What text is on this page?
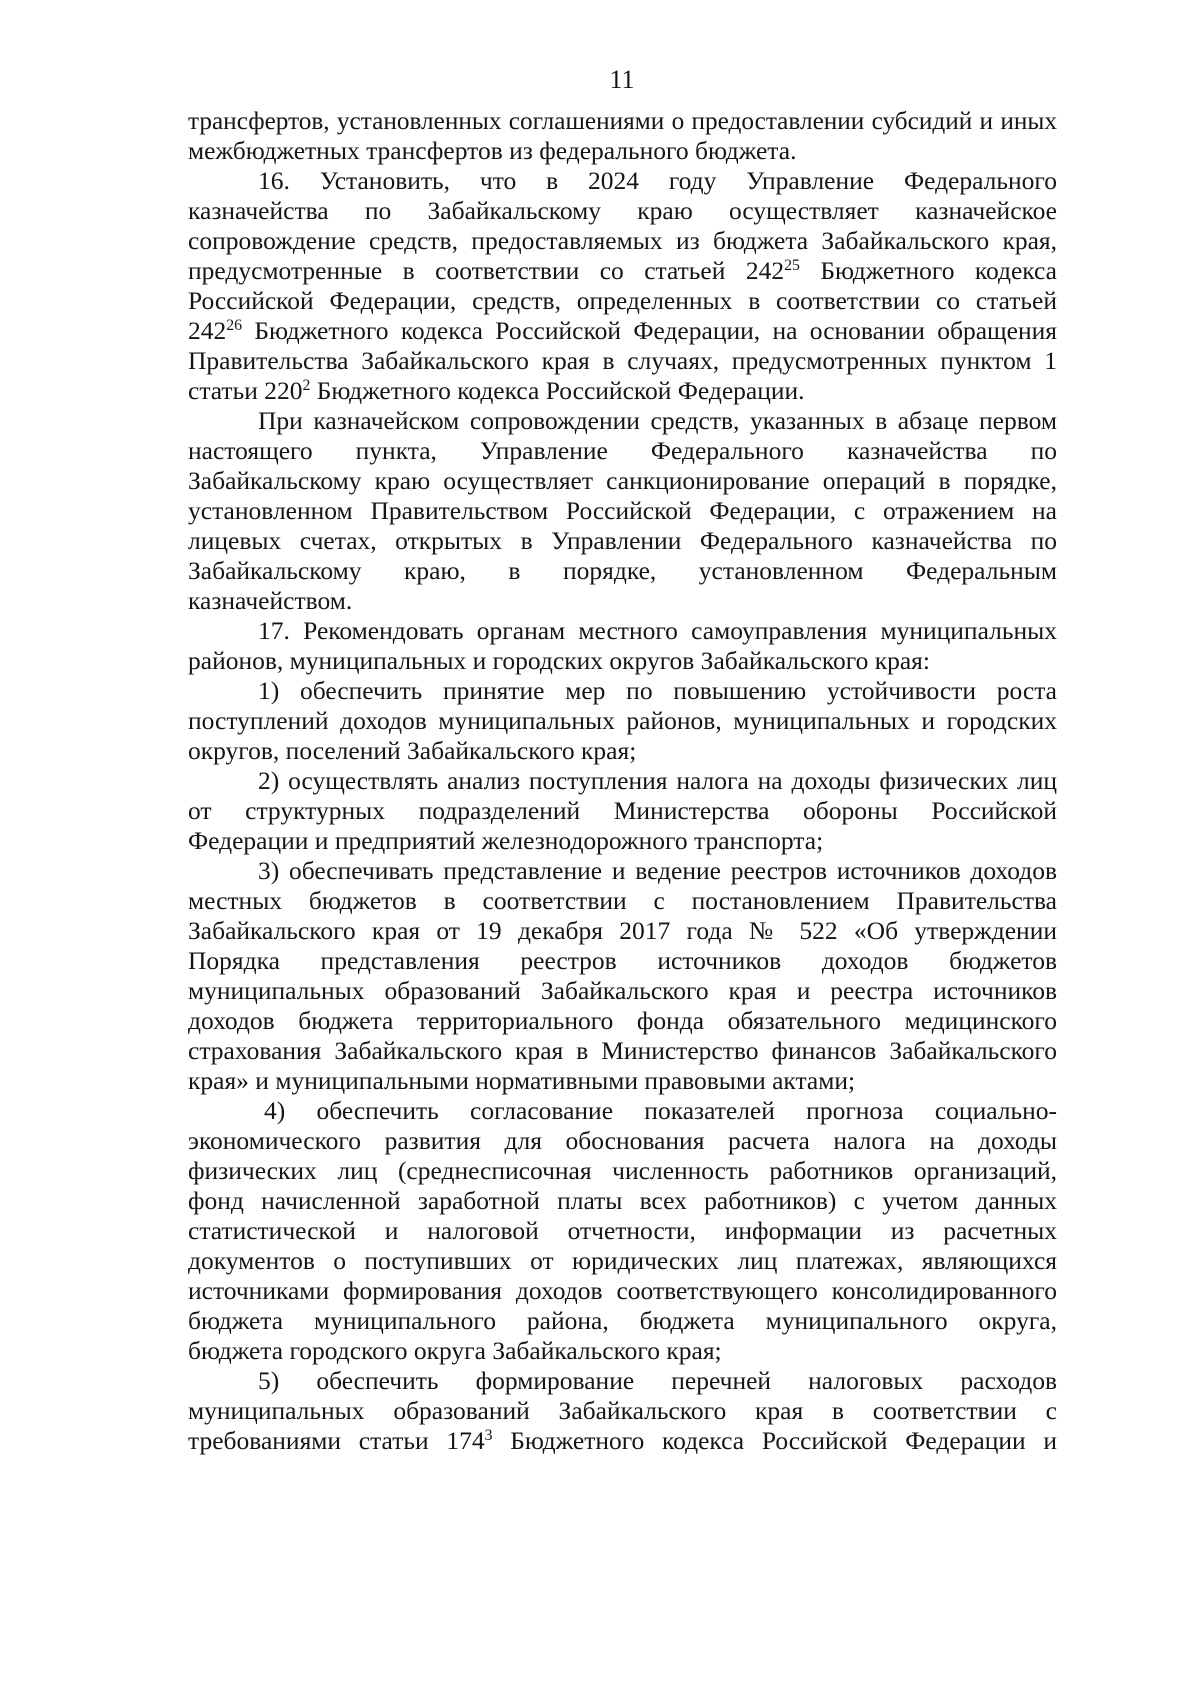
11
трансфертов, установленных соглашениями о предоставлении субсидий и иных
межбюджетных трансфертов из федерального бюджета.
16. Установить, что в 2024 году Управление Федерального
казначейства по Забайкальскому краю осуществляет казначейское
сопровождение средств, предоставляемых из бюджета Забайкальского края,
предусмотренные в соответствии со статьей $242^{25}$ Бюджетного кодекса
Российской Федерации, средств, определенных в соответствии со статьей
$242^{26}$ Бюджетного кодекса Российской Федерации, на основании обращения
Правительства Забайкальского края в случаях, предусмотренных пунктом 1
статьи $220^2$ Бюджетного кодекса Российской Федерации.
При казначейском сопровождении средств, указанных в абзаце первом
настоящего пункта, Управление Федерального казначейства по
Забайкальскому краю осуществляет санкционирование операций в порядке,
установленном Правительством Российской Федерации, с отражением на
лицевых счетах, открытых в Управлении Федерального казначейства по
Забайкальскому краю, в порядке, установленном Федеральным
казначейством.
17. Рекомендовать органам местного самоуправления муниципальных
районов, муниципальных и городских округов Забайкальского края:
1) обеспечить принятие мер по повышению устойчивости роста
поступлений доходов муниципальных районов, муниципальных и городских
округов, поселений Забайкальского края;
2) осуществлять анализ поступления налога на доходы физических лиц
от структурных подразделений Министерства обороны Российской
Федерации и предприятий железнодорожного транспорта;
3) обеспечивать представление и ведение реестров источников доходов
местных бюджетов в соответствии с постановлением Правительства
Забайкальского края от 19 декабря 2017 года № 522 «Об утверждении
Порядка представления реестров источников доходов бюджетов
муниципальных образований Забайкальского края и реестра источников
доходов бюджета территориального фонда обязательного медицинского
страхования Забайкальского края в Министерство финансов Забайкальского
края» и муниципальными нормативными правовыми актами;
4) обеспечить согласование показателей прогноза социально-
экономического развития для обоснования расчета налога на доходы
физических лиц (среднесписочная численность работников организаций,
фонд начисленной заработной платы всех работников) с учетом данных
статистической и налоговой отчетности, информации из расчетных
документов о поступивших от юридических лиц платежах, являющихся
источниками формирования доходов соответствующего консолидированного
бюджета муниципального района, бюджета муниципального округа,
бюджета городского округа Забайкальского края;
5) обеспечить формирование перечней налоговых расходов
муниципальных образований Забайкальского края в соответствии с
требованиями статьи $174^3$ Бюджетного кодекса Российской Федерации и
